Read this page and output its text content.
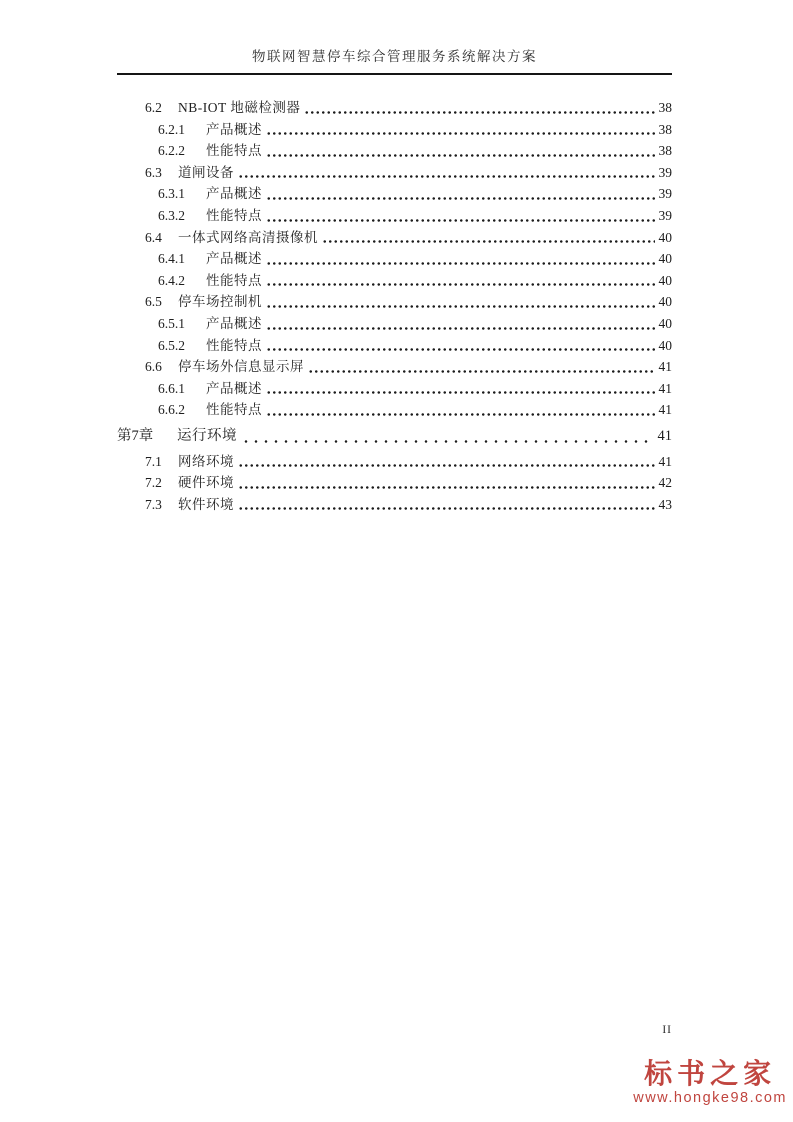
物联网智慧停车综合管理服务系统解决方案
6.2	NB-IOT 地磁检测器	38
6.2.1	产品概述	38
6.2.2	性能特点	38
6.3	道闸设备	39
6.3.1	产品概述	39
6.3.2	性能特点	39
6.4	一体式网络高清摄像机	40
6.4.1	产品概述	40
6.4.2	性能特点	40
6.5	停车场控制机	40
6.5.1	产品概述	40
6.5.2	性能特点	40
6.6	停车场外信息显示屏	41
6.6.1	产品概述	41
6.6.2	性能特点	41
第7章	运行环境	41
7.1	网络环境	41
7.2	硬件环境	42
7.3	软件环境	43
II
标书之家
www.hongke98.com
